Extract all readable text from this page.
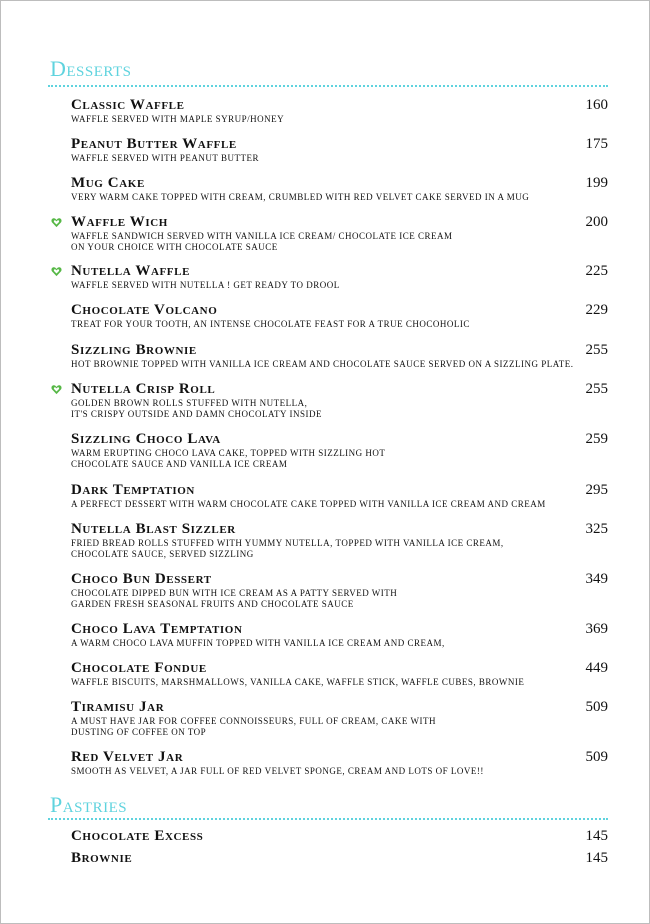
Desserts
Classic Waffle	160
WAFFLE SERVED WITH MAPLE SYRUP/HONEY
Peanut Butter Waffle	175
WAFFLE SERVED WITH PEANUT BUTTER
Mug Cake	199
VERY WARM CAKE TOPPED WITH CREAM, CRUMBLED WITH RED VELVET CAKE SERVED IN A MUG
Waffle Wich	200
WAFFLE SANDWICH SERVED WITH VANILLA ICE CREAM/ CHOCOLATE ICE CREAM
ON YOUR CHOICE WITH CHOCOLATE SAUCE
Nutella Waffle	225
WAFFLE SERVED WITH NUTELLA ! GET READY TO DROOL
Chocolate Volcano	229
TREAT FOR YOUR TOOTH, AN INTENSE CHOCOLATE FEAST FOR A TRUE CHOCOHOLIC
Sizzling Brownie	255
HOT BROWNIE TOPPED WITH VANILLA ICE CREAM AND CHOCOLATE SAUCE SERVED ON A SIZZLING PLATE.
Nutella Crisp Roll	255
GOLDEN BROWN ROLLS STUFFED WITH NUTELLA,
IT'S CRISPY OUTSIDE AND DAMN CHOCOLATY INSIDE
Sizzling Choco Lava	259
WARM ERUPTING CHOCO LAVA CAKE, TOPPED WITH SIZZLING HOT
CHOCOLATE SAUCE AND VANILLA ICE CREAM
Dark Temptation	295
A PERFECT DESSERT WITH WARM CHOCOLATE CAKE TOPPED WITH VANILLA ICE CREAM AND CREAM
Nutella Blast Sizzler	325
FRIED BREAD ROLLS STUFFED WITH YUMMY NUTELLA, TOPPED WITH VANILLA ICE CREAM,
CHOCOLATE SAUCE, SERVED SIZZLING
Choco Bun Dessert	349
CHOCOLATE DIPPED BUN WITH ICE CREAM AS A PATTY SERVED WITH
GARDEN FRESH SEASONAL FRUITS AND CHOCOLATE SAUCE
Choco Lava Temptation	369
A WARM CHOCO LAVA MUFFIN TOPPED WITH VANILLA ICE CREAM AND CREAM,
Chocolate Fondue	449
WAFFLE BISCUITS, MARSHMALLOWS, VANILLA CAKE, WAFFLE STICK, WAFFLE CUBES, BROWNIE
Tiramisu Jar	509
A MUST HAVE JAR FOR COFFEE CONNOISSEURS, FULL OF CREAM, CAKE WITH
DUSTING OF COFFEE ON TOP
Red Velvet Jar	509
SMOOTH AS VELVET, A JAR FULL OF RED VELVET SPONGE, CREAM AND LOTS OF LOVE!!
Pastries
Chocolate Excess	145
Brownie	145
